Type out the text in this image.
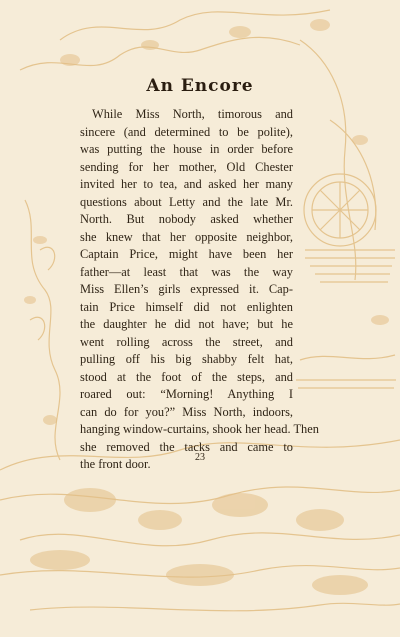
An Encore
While Miss North, timorous and
sincere (and determined to be polite),
was putting the house in order before
sending for her mother, Old Chester
invited her to tea, and asked her many
questions about Letty and the late Mr.
North. But nobody asked whether
she knew that her opposite neighbor,
Captain Price, might have been her
father—at least that was the way
Miss Ellen’s girls expressed it. Cap-
tain Price himself did not enlighten
the daughter he did not have; but he
went rolling across the street, and
pulling off his big shabby felt hat,
stood at the foot of the steps, and
roared out: “Morning! Anything I
can do for you?” Miss North, indoors,
hanging window-curtains, shook her head. Then
she removed the tacks and came to
the front door.	23
